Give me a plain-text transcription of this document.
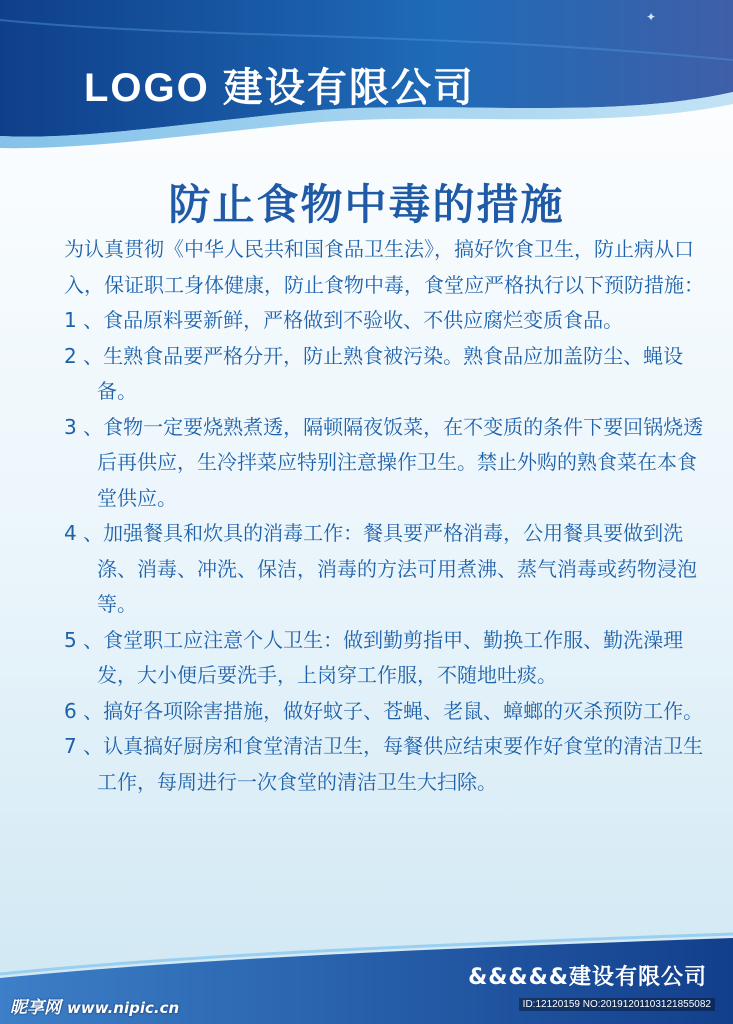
✦
LOGO 建设有限公司
防止食物中毒的措施

为认真贯彻《中华人民共和国食品卫生法》，搞好饮食卫生，防止病从口入，保证职工身体健康，防止食物中毒，食堂应严格执行以下预防措施：

1 、食品原料要新鲜，严格做到不验收、不供应腐烂变质食品。

2 、生熟食品要严格分开，防止熟食被污染。熟食品应加盖防尘、蝇设备。

3 、食物一定要烧熟煮透，隔顿隔夜饭菜，在不变质的条件下要回锅烧透后再供应，生冷拌菜应特别注意操作卫生。禁止外购的熟食菜在本食堂供应。

4 、加强餐具和炊具的消毒工作：餐具要严格消毒，公用餐具要做到洗涤、消毒、冲洗、保洁，消毒的方法可用煮沸、蒸气消毒或药物浸泡等。

5 、食堂职工应注意个人卫生：做到勤剪指甲、勤换工作服、勤洗澡理发，大小便后要洗手，上岗穿工作服，不随地吐痰。

6 、搞好各项除害措施，做好蚊子、苍蝇、老鼠、蟑螂的灭杀预防工作。

7 、认真搞好厨房和食堂清洁卫生，每餐供应结束要作好食堂的清洁卫生工作，每周进行一次食堂的清洁卫生大扫除。

&&&&&建设有限公司
昵享网 www.nipic.cn	ID:12120159 NO:20191201103121855082
